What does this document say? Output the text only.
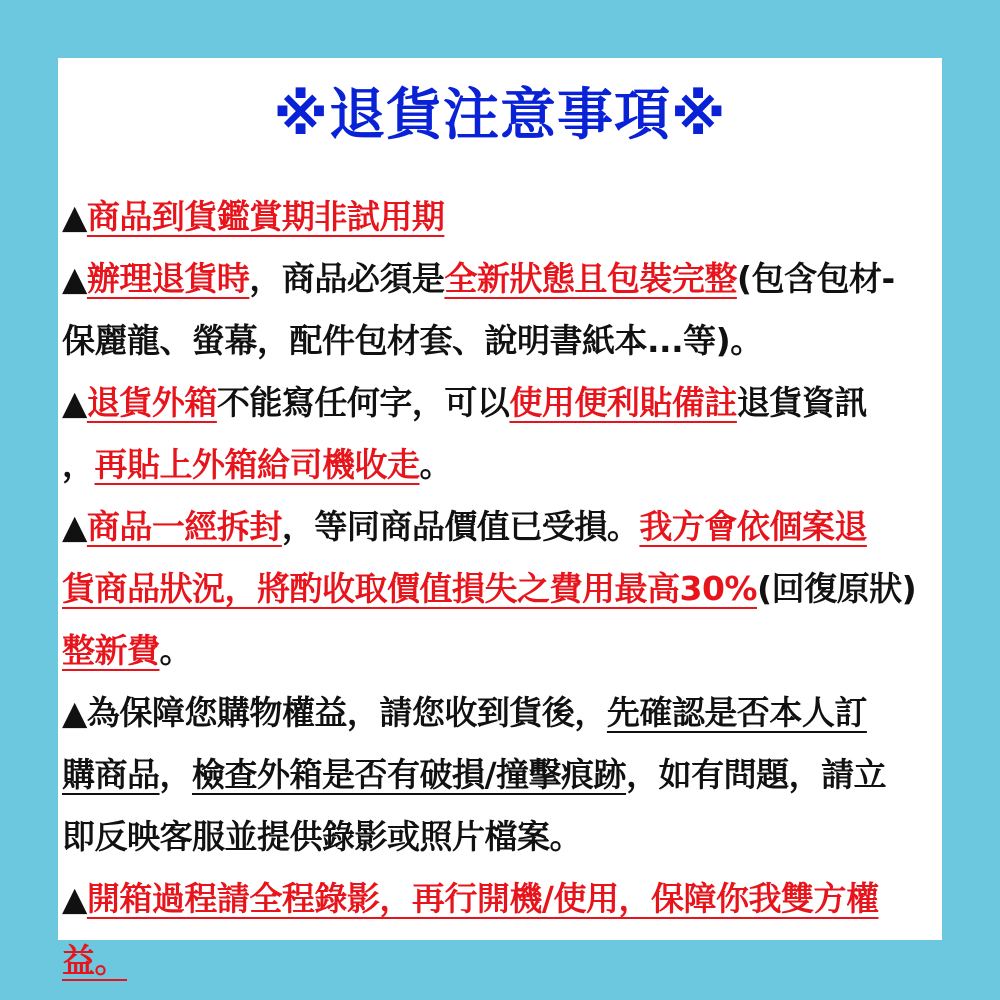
※退貨注意事項※
▲商品到貨鑑賞期非試用期
▲辦理退貨時，商品必須是全新狀態且包裝完整(包含包材-
保麗龍、螢幕，配件包材套、說明書紙本...等)。
▲退貨外箱不能寫任何字，可以使用便利貼備註退貨資訊
，再貼上外箱給司機收走。
▲商品一經拆封，等同商品價值已受損。我方會依個案退
貨商品狀況，將酌收取價值損失之費用最高30%(回復原狀)
整新費。
▲為保障您購物權益，請您收到貨後，先確認是否本人訂
購商品，檢查外箱是否有破損/撞擊痕跡，如有問題，請立
即反映客服並提供錄影或照片檔案。
▲開箱過程請全程錄影，再行開機/使用，保障你我雙方權
益。
